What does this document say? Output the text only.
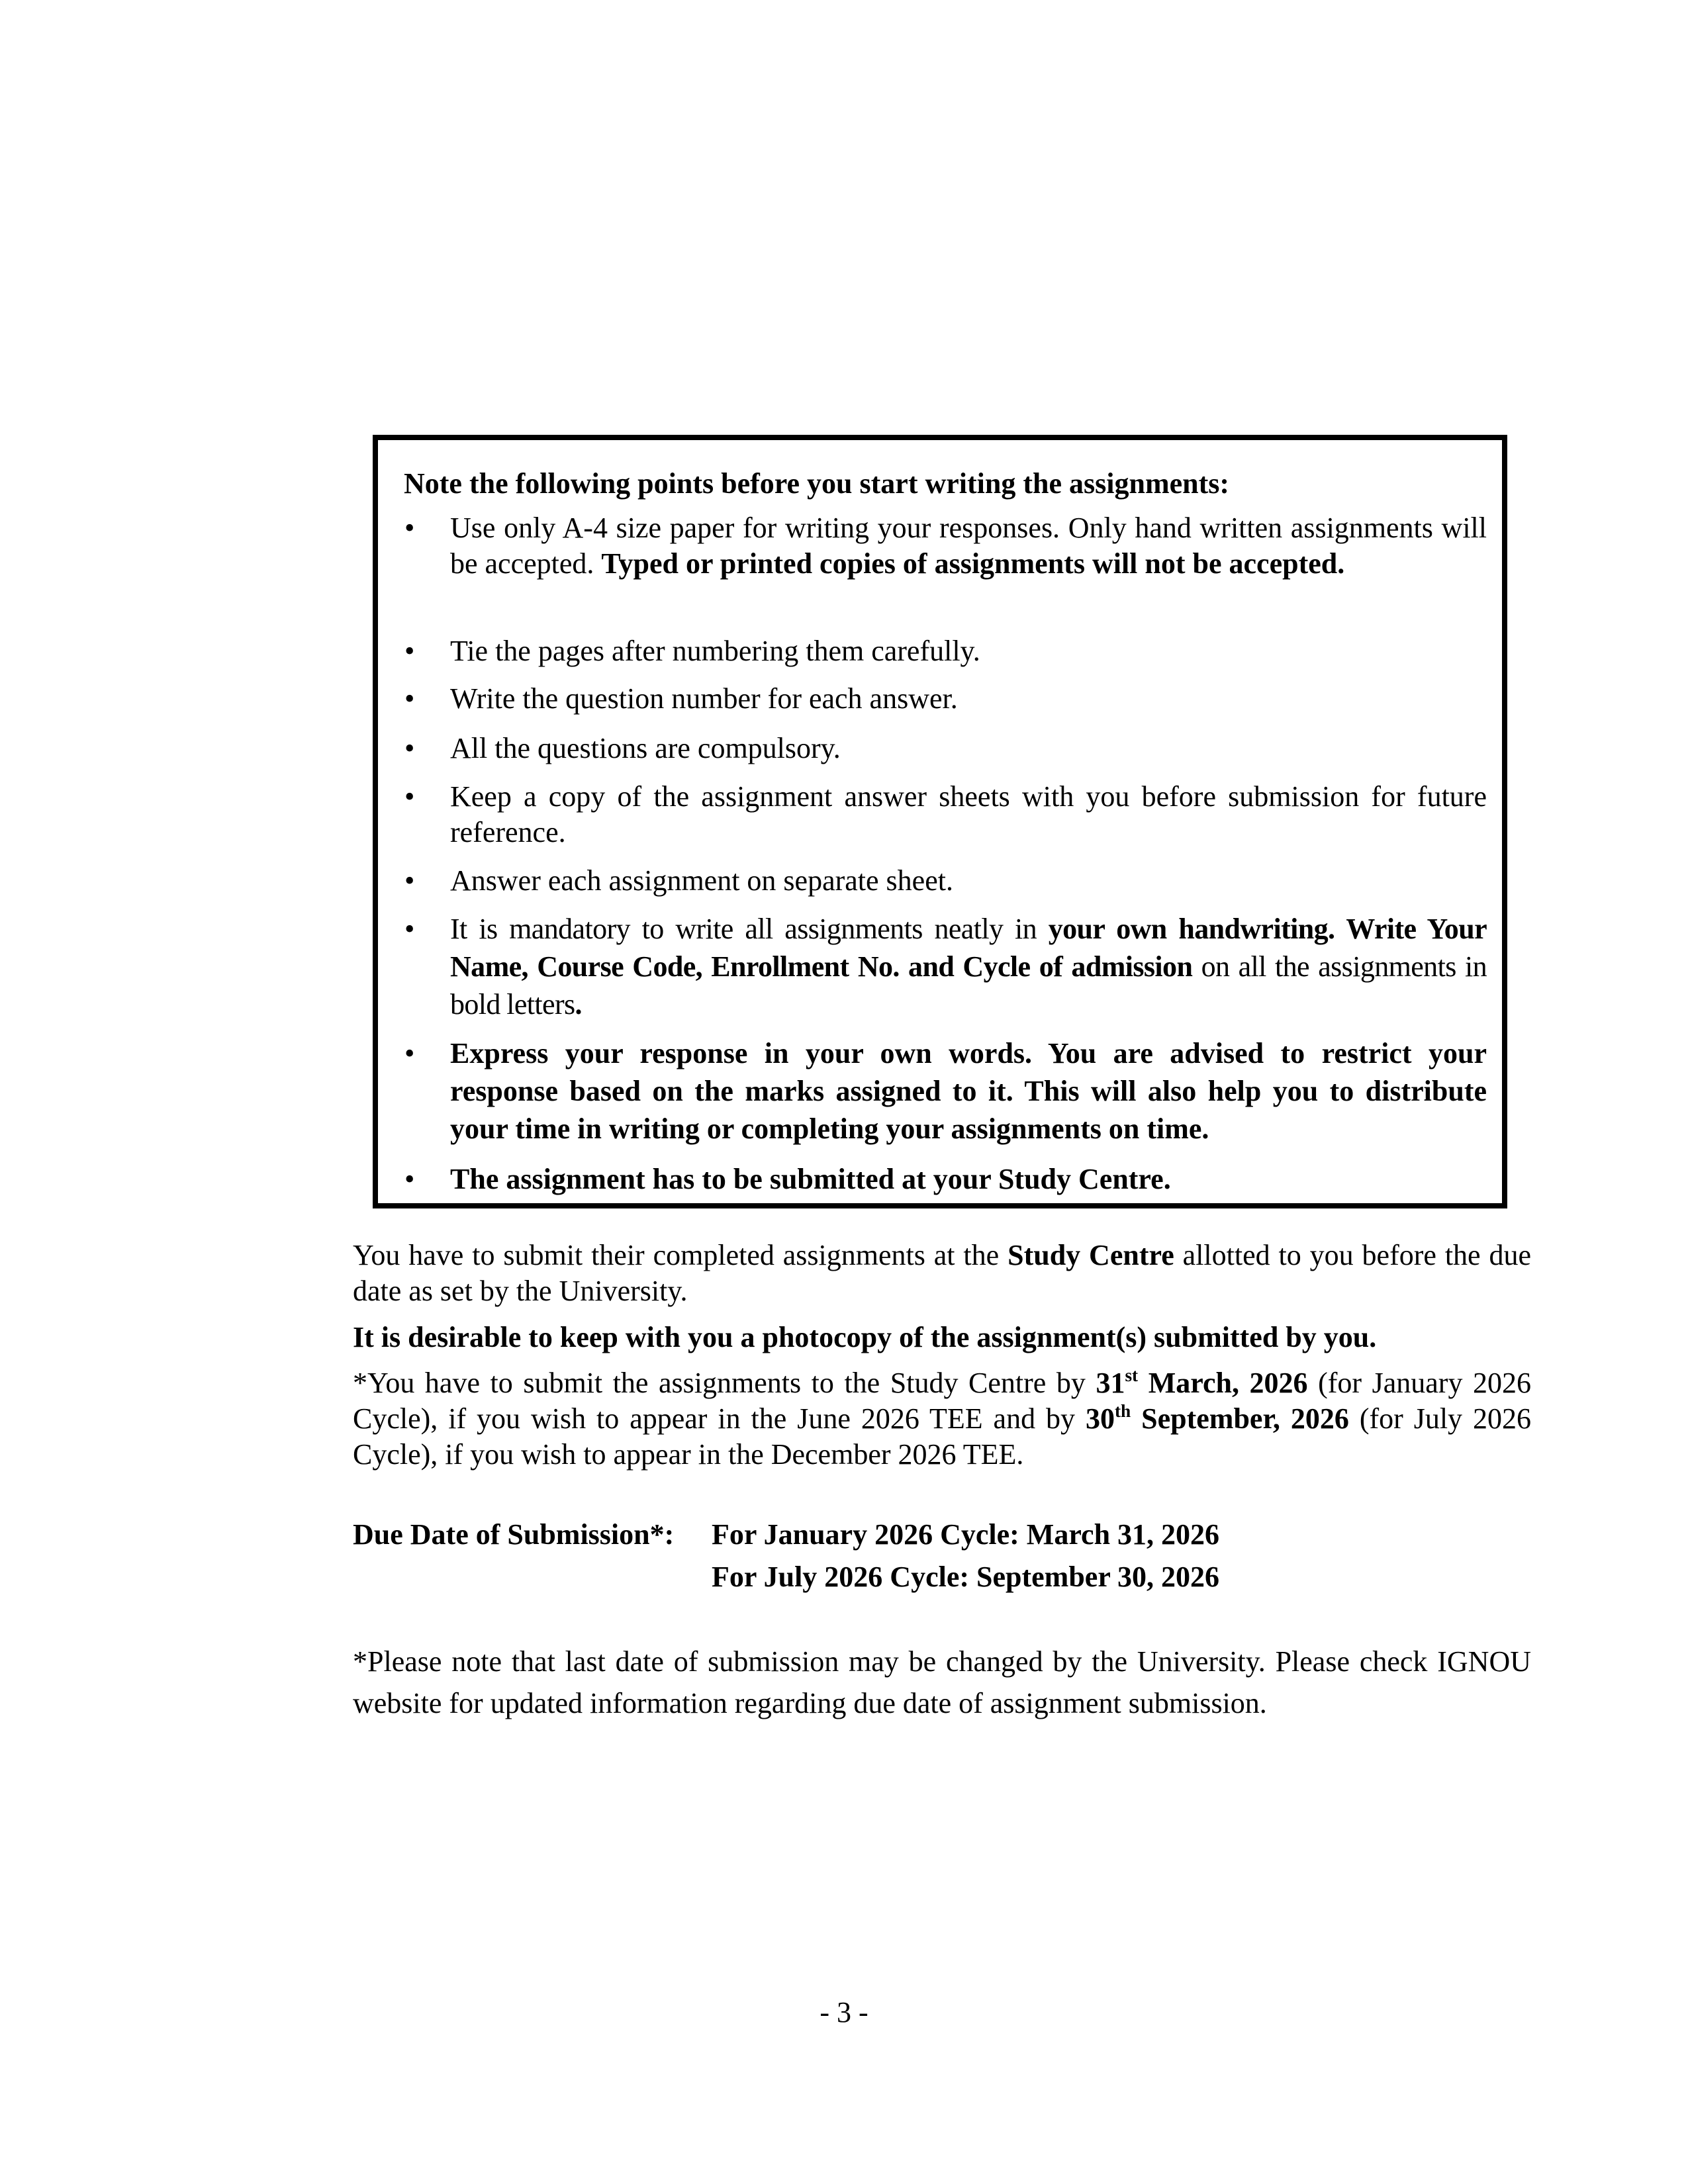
Note the following points before you start writing the assignments:
•	Use only A-4 size paper for writing your responses. Only hand written assignments will be accepted. Typed or printed copies of assignments will not be accepted.
•	Tie the pages after numbering them carefully.
•	Write the question number for each answer.
•	All the questions are compulsory.
•	Keep a copy of the assignment answer sheets with you before submission for future reference.
•	Answer each assignment on separate sheet.
•	It is mandatory to write all assignments neatly in your own handwriting. Write Your Name, Course Code, Enrollment No. and Cycle of admission on all the assignments in bold letters.
•	Express your response in your own words. You are advised to restrict your response based on the marks assigned to it. This will also help you to distribute your time in writing or completing your assignments on time.
•	The assignment has to be submitted at your Study Centre.

You have to submit their completed assignments at the Study Centre allotted to you before the due date as set by the University.

It is desirable to keep with you a photocopy of the assignment(s) submitted by you.

*You have to submit the assignments to the Study Centre by 31st March, 2026 (for January 2026 Cycle), if you wish to appear in the June 2026 TEE and by 30th September, 2026 (for July 2026 Cycle), if you wish to appear in the December 2026 TEE.

Due Date of Submission*: For January 2026 Cycle: March 31, 2026
For July 2026 Cycle: September 30, 2026

*Please note that last date of submission may be changed by the University. Please check IGNOU website for updated information regarding due date of assignment submission.

- 3 -
